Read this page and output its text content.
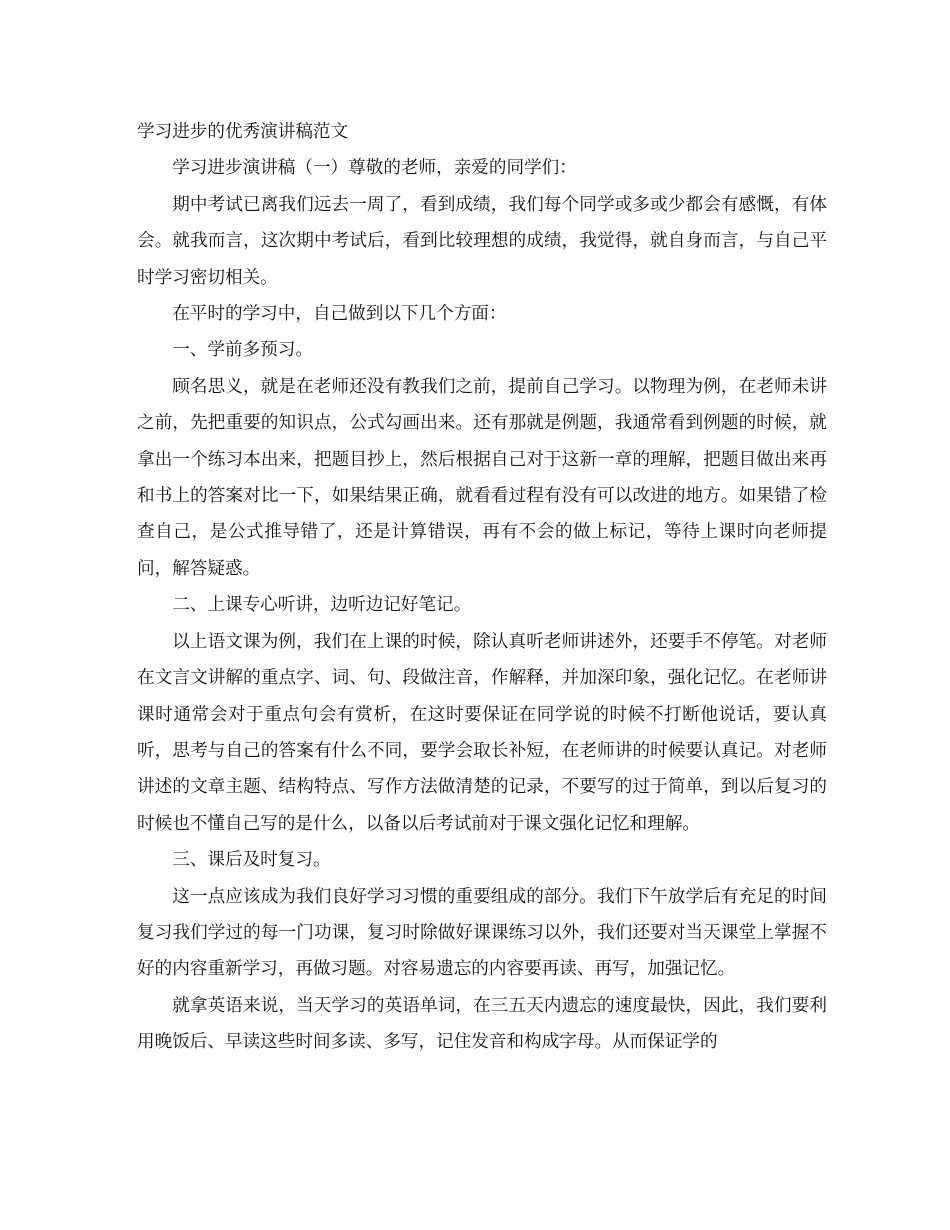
学习进步的优秀演讲稿范文

学习进步演讲稿（一）尊敬的老师，亲爱的同学们：

期中考试已离我们远去一周了，看到成绩，我们每个同学或多或少都会有感慨，有体会。就我而言，这次期中考试后，看到比较理想的成绩，我觉得，就自身而言，与自己平时学习密切相关。

在平时的学习中，自己做到以下几个方面：

一、学前多预习。

顾名思义，就是在老师还没有教我们之前，提前自己学习。以物理为例，在老师未讲之前，先把重要的知识点，公式勾画出来。还有那就是例题，我通常看到例题的时候，就拿出一个练习本出来，把题目抄上，然后根据自己对于这新一章的理解，把题目做出来再和书上的答案对比一下，如果结果正确，就看看过程有没有可以改进的地方。如果错了检查自己，是公式推导错了，还是计算错误，再有不会的做上标记，等待上课时向老师提问，解答疑惑。

二、上课专心听讲，边听边记好笔记。

以上语文课为例，我们在上课的时候，除认真听老师讲述外，还要手不停笔。对老师在文言文讲解的重点字、词、句、段做注音，作解释，并加深印象，强化记忆。在老师讲课时通常会对于重点句会有赏析，在这时要保证在同学说的时候不打断他说话，要认真听，思考与自己的答案有什么不同，要学会取长补短，在老师讲的时候要认真记。对老师讲述的文章主题、结构特点、写作方法做清楚的记录，不要写的过于简单，到以后复习的时候也不懂自己写的是什么，以备以后考试前对于课文强化记忆和理解。

三、课后及时复习。

这一点应该成为我们良好学习习惯的重要组成的部分。我们下午放学后有充足的时间复习我们学过的每一门功课，复习时除做好课课练习以外，我们还要对当天课堂上掌握不好的内容重新学习，再做习题。对容易遗忘的内容要再读、再写，加强记忆。

就拿英语来说，当天学习的英语单词，在三五天内遗忘的速度最快，因此，我们要利用晚饭后、早读这些时间多读、多写，记住发音和构成字母。从而保证学的
